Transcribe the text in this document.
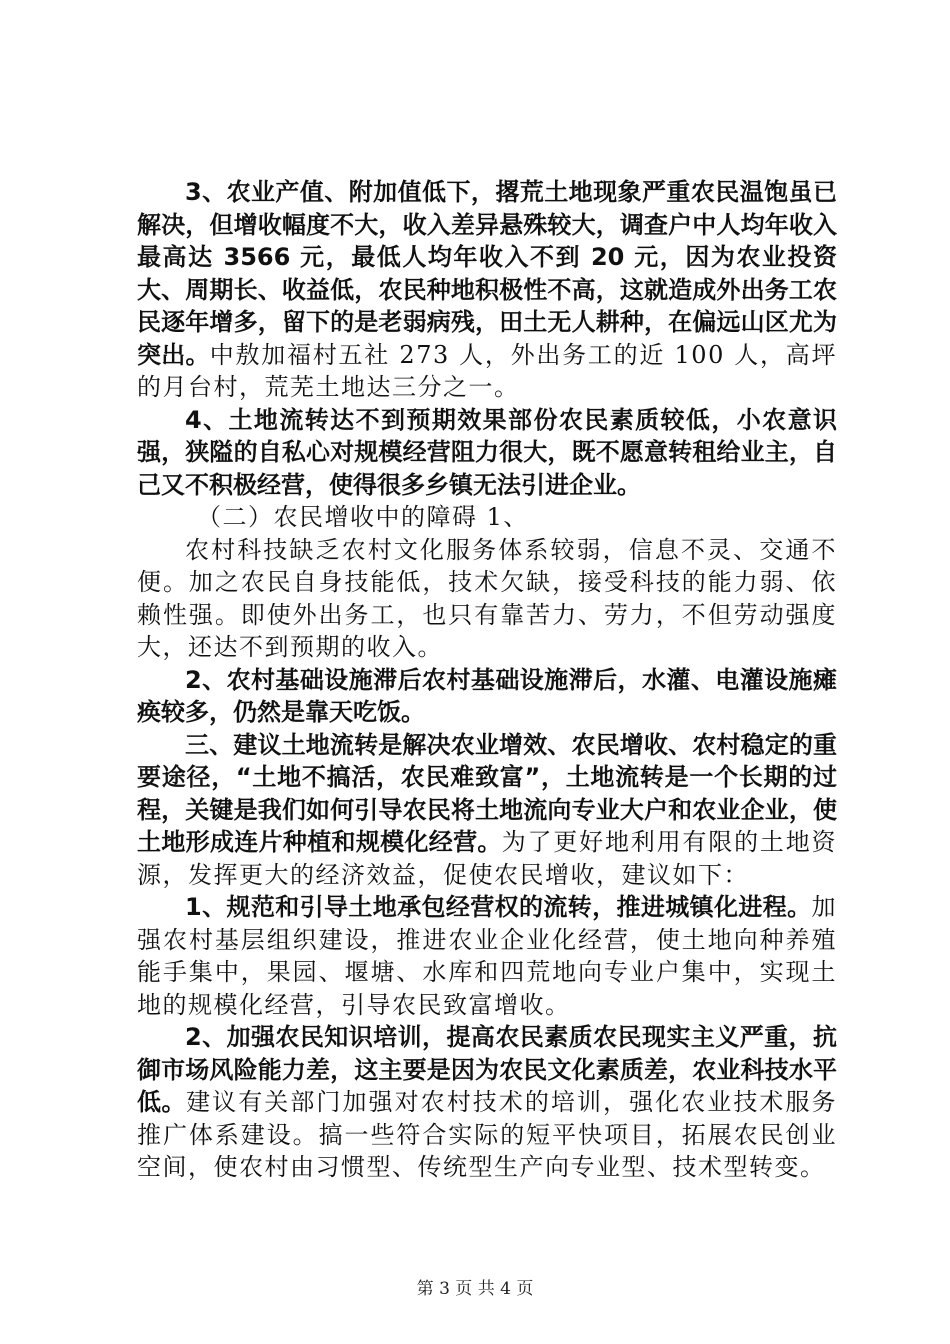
3、农业产值、附加值低下，撂荒土地现象严重农民温饱虽已解决，但增收幅度不大，收入差异悬殊较大，调查户中人均年收入最高达 3566 元，最低人均年收入不到 20 元，因为农业投资大、周期长、收益低，农民种地积极性不高，这就造成外出务工农民逐年增多，留下的是老弱病残，田土无人耕种，在偏远山区尤为突出。中敖加福村五社 273 人，外出务工的近 100 人，高坪的月台村，荒芜土地达三分之一。

4、土地流转达不到预期效果部份农民素质较低，小农意识强，狭隘的自私心对规模经营阻力很大，既不愿意转租给业主，自己又不积极经营，使得很多乡镇无法引进企业。

（二）农民增收中的障碍 1、

农村科技缺乏农村文化服务体系较弱，信息不灵、交通不便。加之农民自身技能低，技术欠缺，接受科技的能力弱、依赖性强。即使外出务工，也只有靠苦力、劳力，不但劳动强度大，还达不到预期的收入。

2、农村基础设施滞后农村基础设施滞后，水灌、电灌设施瘫痪较多，仍然是靠天吃饭。

三、建议土地流转是解决农业增效、农民增收、农村稳定的重要途径，“土地不搞活，农民难致富”，土地流转是一个长期的过程，关键是我们如何引导农民将土地流向专业大户和农业企业，使土地形成连片种植和规模化经营。为了更好地利用有限的土地资源，发挥更大的经济效益，促使农民增收，建议如下：

1、规范和引导土地承包经营权的流转，推进城镇化进程。加强农村基层组织建设，推进农业企业化经营，使土地向种养殖能手集中，果园、堰塘、水库和四荒地向专业户集中，实现土地的规模化经营，引导农民致富增收。

2、加强农民知识培训，提高农民素质农民现实主义严重，抗御市场风险能力差，这主要是因为农民文化素质差，农业科技水平低。建议有关部门加强对农村技术的培训，强化农业技术服务推广体系建设。搞一些符合实际的短平快项目，拓展农民创业空间，使农村由习惯型、传统型生产向专业型、技术型转变。

第 3 页 共 4 页
